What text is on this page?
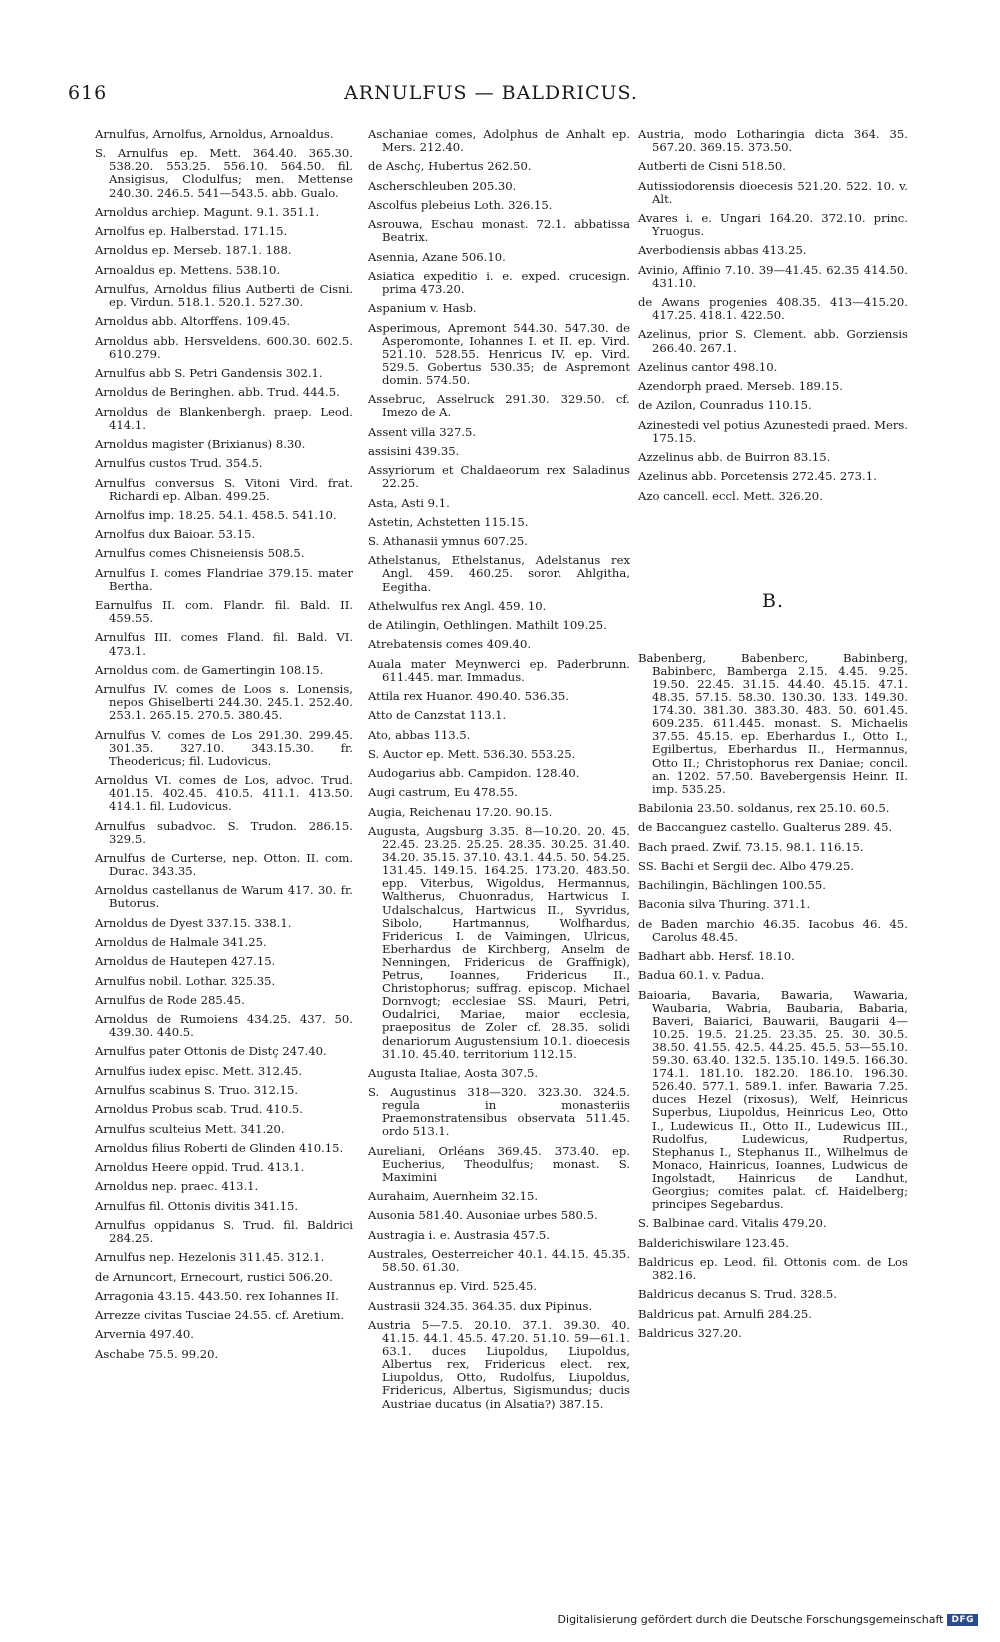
616	ARNULFUS — BALDRICUS.

Arnulfus, Arnolfus, Arnoldus, Arnoaldus.

S. Arnulfus ep. Mett. 364.40. 365.30. 538.20. 553.25. 556.10. 564.50. fil. Ansigisus, Clodulfus; men. Mettense 240.30. 246.5. 541—543.5. abb. Gualo.

Arnoldus archiep. Magunt. 9.1. 351.1.

Arnolfus ep. Halberstad. 171.15.

Arnoldus ep. Merseb. 187.1. 188.

Arnoaldus ep. Mettens. 538.10.

Arnulfus, Arnoldus filius Autberti de Cisni. ep. Virdun. 518.1. 520.1. 527.30.

Arnoldus abb. Altorffens. 109.45.

Arnoldus abb. Hersveldens. 600.30. 602.5. 610.279.

Arnulfus abb S. Petri Gandensis 302.1.

Arnoldus de Beringhen. abb. Trud. 444.5.

Arnoldus de Blankenbergh. praep. Leod. 414.1.

Arnoldus magister (Brixianus) 8.30.

Arnulfus custos Trud. 354.5.

Arnulfus conversus S. Vitoni Vird. frat. Richardi ep. Alban. 499.25.

Arnolfus imp. 18.25. 54.1. 458.5. 541.10.

Arnolfus dux Baioar. 53.15.

Arnulfus comes Chisneiensis 508.5.

Arnulfus I. comes Flandriae 379.15. mater Bertha.

Earnulfus II. com. Flandr. fil. Bald. II. 459.55.

Arnulfus III. comes Fland. fil. Bald. VI. 473.1.

Arnoldus com. de Gamertingin 108.15.

Arnulfus IV. comes de Loos s. Lonensis, nepos Ghiselberti 244.30. 245.1. 252.40. 253.1. 265.15. 270.5. 380.45.

Arnulfus V. comes de Los 291.30. 299.45. 301.35. 327.10. 343.15.30. fr. Theodericus; fil. Ludovicus.

Arnoldus VI. comes de Los, advoc. Trud. 401.15. 402.45. 410.5. 411.1. 413.50. 414.1. fil. Ludovicus.

Arnulfus subadvoc. S. Trudon. 286.15. 329.5.

Arnulfus de Curterse, nep. Otton. II. com. Durac. 343.35.

Arnoldus castellanus de Warum 417. 30. fr. Butorus.

Arnoldus de Dyest 337.15. 338.1.

Arnoldus de Halmale 341.25.

Arnoldus de Hautepen 427.15.

Arnulfus nobil. Lothar. 325.35.

Arnulfus de Rode 285.45.

Arnoldus de Rumoiens 434.25. 437. 50. 439.30. 440.5.

Arnulfus pater Ottonis de Distç 247.40.

Arnulfus iudex episc. Mett. 312.45.

Arnulfus scabinus S. Truo. 312.15.

Arnoldus Probus scab. Trud. 410.5.

Arnulfus sculteius Mett. 341.20.

Arnoldus filius Roberti de Glinden 410.15.

Arnoldus Heere oppid. Trud. 413.1.

Arnoldus nep. praec. 413.1.

Arnulfus fil. Ottonis divitis 341.15.

Arnulfus oppidanus S. Trud. fil. Baldrici 284.25.

Arnulfus nep. Hezelonis 311.45. 312.1.

de Arnuncort, Ernecourt, rustici 506.20.

Arragonia 43.15. 443.50. rex Iohannes II.

Arrezze civitas Tusciae 24.55. cf. Aretium.

Arvernia 497.40.

Aschabe 75.5. 99.20.

Aschaniae comes, Adolphus de Anhalt ep. Mers. 212.40.

de Aschç, Hubertus 262.50.

Ascherschleuben 205.30.

Ascolfus plebeius Loth. 326.15.

Asrouwa, Eschau monast. 72.1. abbatissa Beatrix.

Asennia, Azane 506.10.

Asiatica expeditio i. e. exped. crucesign. prima 473.20.

Aspanium v. Hasb.

Asperimous, Apremont 544.30. 547.30. de Asperomonte, Iohannes I. et II. ep. Vird. 521.10. 528.55. Henricus IV. ep. Vird. 529.5. Gobertus 530.35; de Aspremont domin. 574.50.

Assebruc, Asselruck 291.30. 329.50. cf. Imezo de A.

Assent villa 327.5.

assisini 439.35.

Assyriorum et Chaldaeorum rex Saladinus 22.25.

Asta, Asti 9.1.

Astetin, Achstetten 115.15.

S. Athanasii ymnus 607.25.

Athelstanus, Ethelstanus, Adelstanus rex Angl. 459. 460.25. soror. Ahlgitha, Eegitha.

Athelwulfus rex Angl. 459. 10.

de Atilingin, Oethlingen. Mathilt 109.25.

Atrebatensis comes 409.40.

Auala mater Meynwerci ep. Paderbrunn. 611.445. mar. Immadus.

Attila rex Huanor. 490.40. 536.35.

Atto de Canzstat 113.1.

Ato, abbas 113.5.

S. Auctor ep. Mett. 536.30. 553.25.

Audogarius abb. Campidon. 128.40.

Augi castrum, Eu 478.55.

Augia, Reichenau 17.20. 90.15.

Augusta, Augsburg 3.35. 8—10.20. 20. 45. 22.45. 23.25. 25.25. 28.35. 30.25. 31.40. 34.20. 35.15. 37.10. 43.1. 44.5. 50. 54.25. 131.45. 149.15. 164.25. 173.20. 483.50. epp. Viterbus, Wigoldus, Hermannus, Waltherus, Chuonradus, Hartwicus I. Udalschalcus, Hartwicus II., Syvridus, Sibolo, Hartmannus, Wolfhardus, Fridericus I. de Vaimingen, Ulricus, Eberhardus de Kirchberg, Anselm de Nenningen, Fridericus de Graffnigk), Petrus, Ioannes, Fridericus II., Christophorus; suffrag. episcop. Michael Dornvogt; ecclesiae SS. Mauri, Petri, Oudalrici, Mariae, maior ecclesia, praepositus de Zoler cf. 28.35. solidi denariorum Augustensium 10.1. dioecesis 31.10. 45.40. territorium 112.15.

Augusta Italiae, Aosta 307.5.

S. Augustinus 318—320. 323.30. 324.5. regula in monasteriis Praemonstratensibus observata 511.45. ordo 513.1.

Aureliani, Orléans 369.45. 373.40. ep. Eucherius, Theodulfus; monast. S. Maximini

Aurahaim, Auernheim 32.15.

Ausonia 581.40. Ausoniae urbes 580.5.

Austragia i. e. Austrasia 457.5.

Australes, Oesterreicher 40.1. 44.15. 45.35. 58.50. 61.30.

Austrannus ep. Vird. 525.45.

Austrasii 324.35. 364.35. dux Pipinus.

Austria 5—7.5. 20.10. 37.1. 39.30. 40. 41.15. 44.1. 45.5. 47.20. 51.10. 59—61.1. 63.1. duces Liupoldus, Liupoldus, Albertus rex, Fridericus elect. rex, Liupoldus, Otto, Rudolfus, Liupoldus, Fridericus, Albertus, Sigismundus; ducis Austriae ducatus (in Alsatia?) 387.15.

Austria, modo Lotharingia dicta 364. 35. 567.20. 369.15. 373.50.

Autberti de Cisni 518.50.

Autissiodorensis dioecesis 521.20. 522. 10. v. Alt.

Avares i. e. Ungari 164.20. 372.10. princ. Yruogus.

Averbodiensis abbas 413.25.

Avinio, Affinio 7.10. 39—41.45. 62.35 414.50. 431.10.

de Awans progenies 408.35. 413—415.20. 417.25. 418.1. 422.50.

Azelinus, prior S. Clement. abb. Gorziensis 266.40. 267.1.

Azelinus cantor 498.10.

Azendorph praed. Merseb. 189.15.

de Azilon, Counradus 110.15.

Azinestedi vel potius Azunestedi praed. Mers. 175.15.

Azzelinus abb. de Buirron 83.15.

Azelinus abb. Porcetensis 272.45. 273.1.

Azo cancell. eccl. Mett. 326.20.

B.

Babenberg, Babenberc, Babinberg, Babinberc, Bamberga 2.15. 4.45. 9.25. 19.50. 22.45. 31.15. 44.40. 45.15. 47.1. 48.35. 57.15. 58.30. 130.30. 133. 149.30. 174.30. 381.30. 383.30. 483. 50. 601.45. 609.235. 611.445. monast. S. Michaelis 37.55. 45.15. ep. Eberhardus I., Otto I., Egilbertus, Eberhardus II., Hermannus, Otto II.; Christophorus rex Daniae; concil. an. 1202. 57.50. Bavebergensis Heinr. II. imp. 535.25.

Babilonia 23.50. soldanus, rex 25.10. 60.5.

de Baccanguez castello. Gualterus 289. 45.

Bach praed. Zwif. 73.15. 98.1. 116.15.

SS. Bachi et Sergii dec. Albo 479.25.

Bachilingin, Bächlingen 100.55.

Baconia silva Thuring. 371.1.

de Baden marchio 46.35. Iacobus 46. 45. Carolus 48.45.

Badhart abb. Hersf. 18.10.

Badua 60.1. v. Padua.

Baioaria, Bavaria, Bawaria, Wawaria, Waubaria, Wabria, Baubaria, Babaria, Baveri, Baiarici, Bauwarii, Baugarii 4—10.25. 19.5. 21.25. 23.35. 25. 30. 30.5. 38.50. 41.55. 42.5. 44.25. 45.5. 53—55.10. 59.30. 63.40. 132.5. 135.10. 149.5. 166.30. 174.1. 181.10. 182.20. 186.10. 196.30. 526.40. 577.1. 589.1. infer. Bawaria 7.25. duces Hezel (rixosus), Welf, Heinricus Superbus, Liupoldus, Heinricus Leo, Otto I., Ludewicus II., Otto II., Ludewicus III., Rudolfus, Ludewicus, Rudpertus, Stephanus I., Stephanus II., Wilhelmus de Monaco, Hainricus, Ioannes, Ludwicus de Ingolstadt, Hainricus de Landhut, Georgius; comites palat. cf. Haidelberg; principes Segebardus.

S. Balbinae card. Vitalis 479.20.

Balderichiswilare 123.45.

Baldricus ep. Leod. fil. Ottonis com. de Los 382.16.

Baldricus decanus S. Trud. 328.5.

Baldricus pat. Arnulfi 284.25.

Baldricus 327.20.

Digitalisierung gefördert durch die Deutsche Forschungsgemeinschaft DFG
